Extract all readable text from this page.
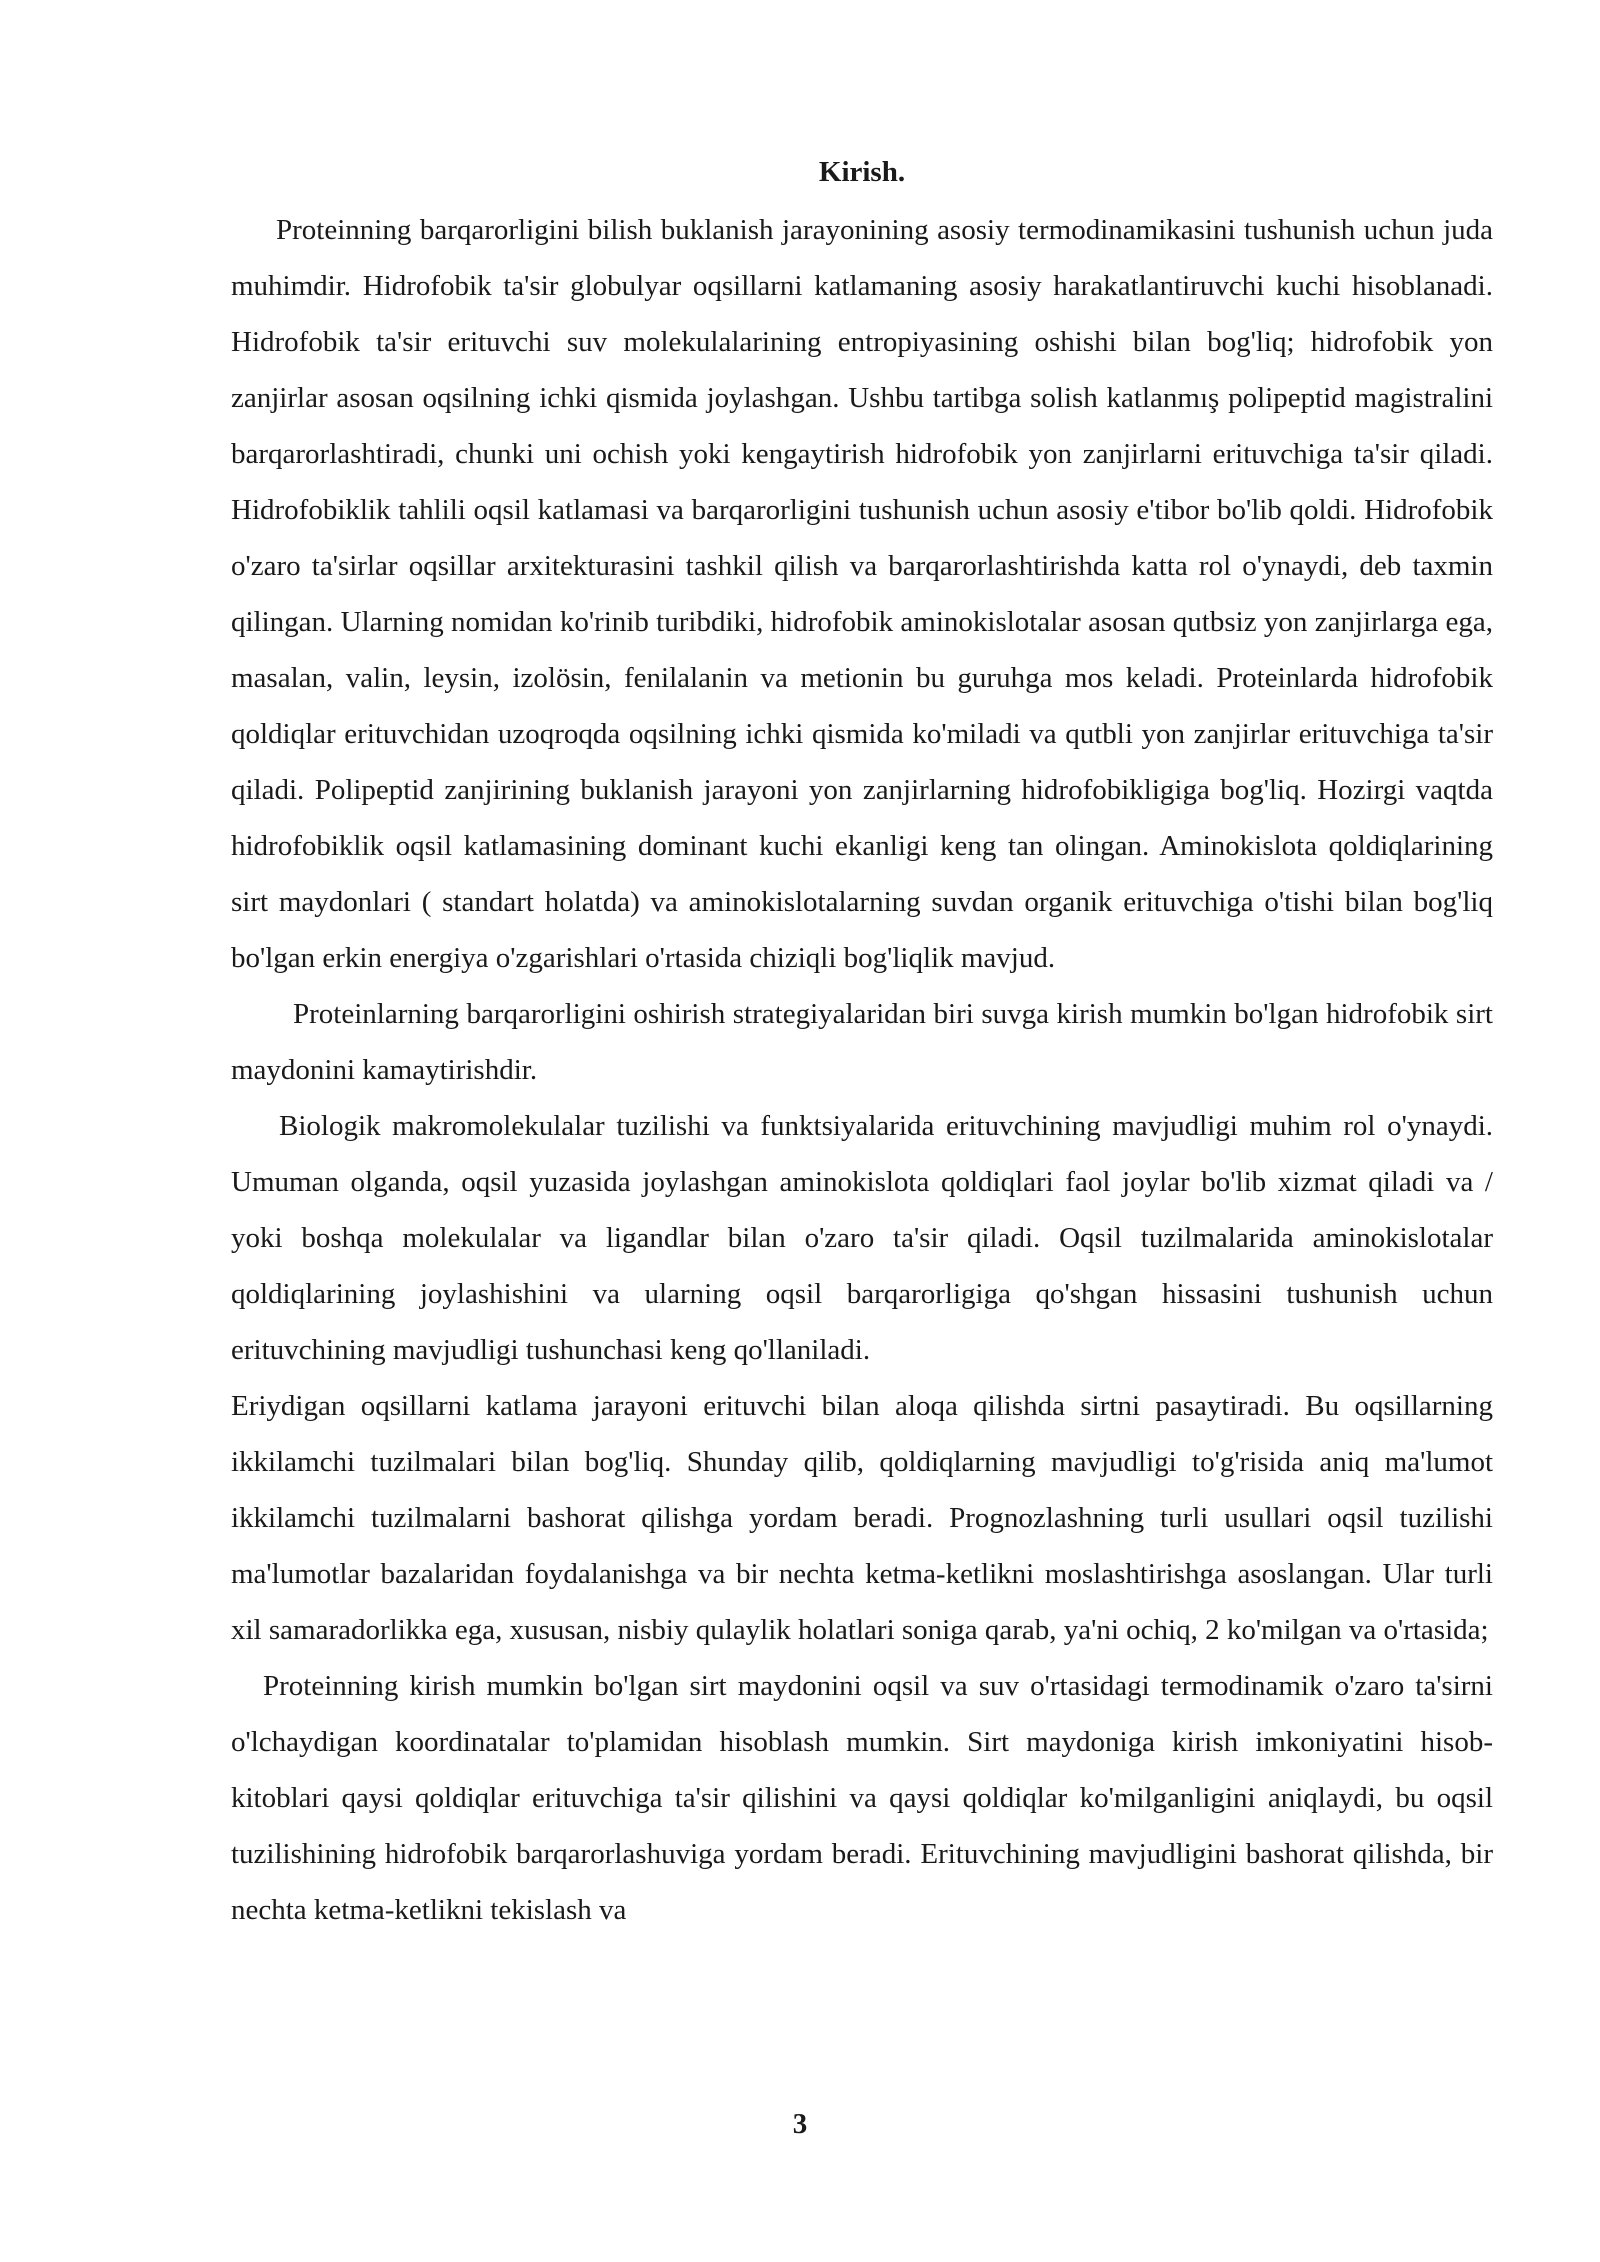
Kirish.

Proteinning barqarorligini bilish buklanish jarayonining asosiy termodinamikasini tushunish uchun juda muhimdir. Hidrofobik ta'sir globulyar oqsillarni katlamaning asosiy harakatlantiruvchi kuchi hisoblanadi. Hidrofobik ta'sir erituvchi suv molekulalarining entropiyasining oshishi bilan bog'liq; hidrofobik yon zanjirlar asosan oqsilning ichki qismida joylashgan. Ushbu tartibga solish katlanmış polipeptid magistralini barqarorlashtiradi, chunki uni ochish yoki kengaytirish hidrofobik yon zanjirlarni erituvchiga ta'sir qiladi. Hidrofobiklik tahlili oqsil katlamasi va barqarorligini tushunish uchun asosiy e'tibor bo'lib qoldi. Hidrofobik o'zaro ta'sirlar oqsillar arxitekturasini tashkil qilish va barqarorlashtirishda katta rol o'ynaydi, deb taxmin qilingan. Ularning nomidan ko'rinib turibdiki, hidrofobik aminokislotalar asosan qutbsiz yon zanjirlarga ega, masalan, valin, leysin, izolösin, fenilalanin va metionin bu guruhga mos keladi. Proteinlarda hidrofobik qoldiqlar erituvchidan uzoqroqda oqsilning ichki qismida ko'miladi va qutbli yon zanjirlar erituvchiga ta'sir qiladi. Polipeptid zanjirining buklanish jarayoni yon zanjirlarning hidrofobikligiga bog'liq. Hozirgi vaqtda hidrofobiklik oqsil katlamasining dominant kuchi ekanligi keng tan olingan. Aminokislota qoldiqlarining sirt maydonlari ( standart holatda) va aminokislotalarning suvdan organik erituvchiga o'tishi bilan bog'liq bo'lgan erkin energiya o'zgarishlari o'rtasida chiziqli bog'liqlik mavjud.

Proteinlarning barqarorligini oshirish strategiyalaridan biri suvga kirish mumkin bo'lgan hidrofobik sirt maydonini kamaytirishdir.

Biologik makromolekulalar tuzilishi va funktsiyalarida erituvchining mavjudligi muhim rol o'ynaydi. Umuman olganda, oqsil yuzasida joylashgan aminokislota qoldiqlari faol joylar bo'lib xizmat qiladi va / yoki boshqa molekulalar va ligandlar bilan o'zaro ta'sir qiladi. Oqsil tuzilmalarida aminokislotalar qoldiqlarining joylashishini va ularning oqsil barqarorligiga qo'shgan hissasini tushunish uchun erituvchining mavjudligi tushunchasi keng qo'llaniladi.

Eriydigan oqsillarni katlama jarayoni erituvchi bilan aloqa qilishda sirtni pasaytiradi. Bu oqsillarning ikkilamchi tuzilmalari bilan bog'liq. Shunday qilib, qoldiqlarning mavjudligi to'g'risida aniq ma'lumot ikkilamchi tuzilmalarni bashorat qilishga yordam beradi. Prognozlashning turli usullari oqsil tuzilishi ma'lumotlar bazalaridan foydalanishga va bir nechta ketma-ketlikni moslashtirishga asoslangan. Ular turli xil samaradorlikka ega, xususan, nisbiy qulaylik holatlari soniga qarab, ya'ni ochiq, 2 ko'milgan va o'rtasida;

Proteinning kirish mumkin bo'lgan sirt maydonini oqsil va suv o'rtasidagi termodinamik o'zaro ta'sirni o'lchaydigan koordinatalar to'plamidan hisoblash mumkin. Sirt maydoniga kirish imkoniyatini hisob-kitoblari qaysi qoldiqlar erituvchiga ta'sir qilishini va qaysi qoldiqlar ko'milganligini aniqlaydi, bu oqsil tuzilishining hidrofobik barqarorlashuviga yordam beradi. Erituvchining mavjudligini bashorat qilishda, bir nechta ketma-ketlikni tekislash va

3
